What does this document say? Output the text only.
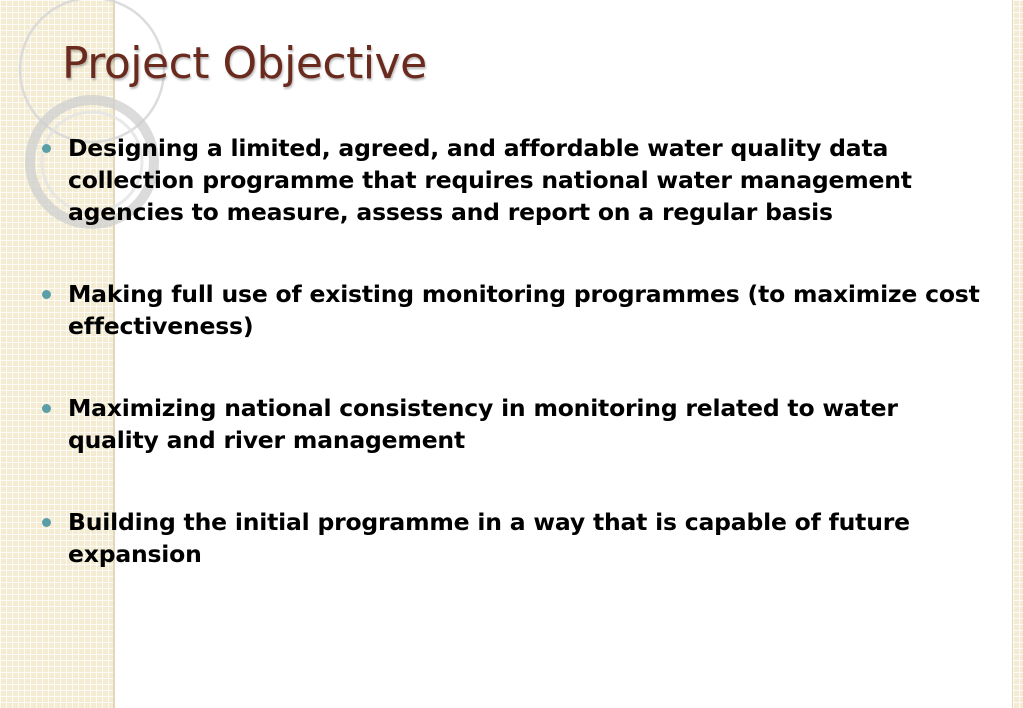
Project Objective
Designing a limited, agreed, and affordable water quality data collection programme that requires national water management agencies to measure, assess and report on a regular basis
Making full use of existing monitoring programmes (to maximize cost effectiveness)
Maximizing national consistency in monitoring related to water quality and river management
Building the initial programme in a way that is capable of future expansion
